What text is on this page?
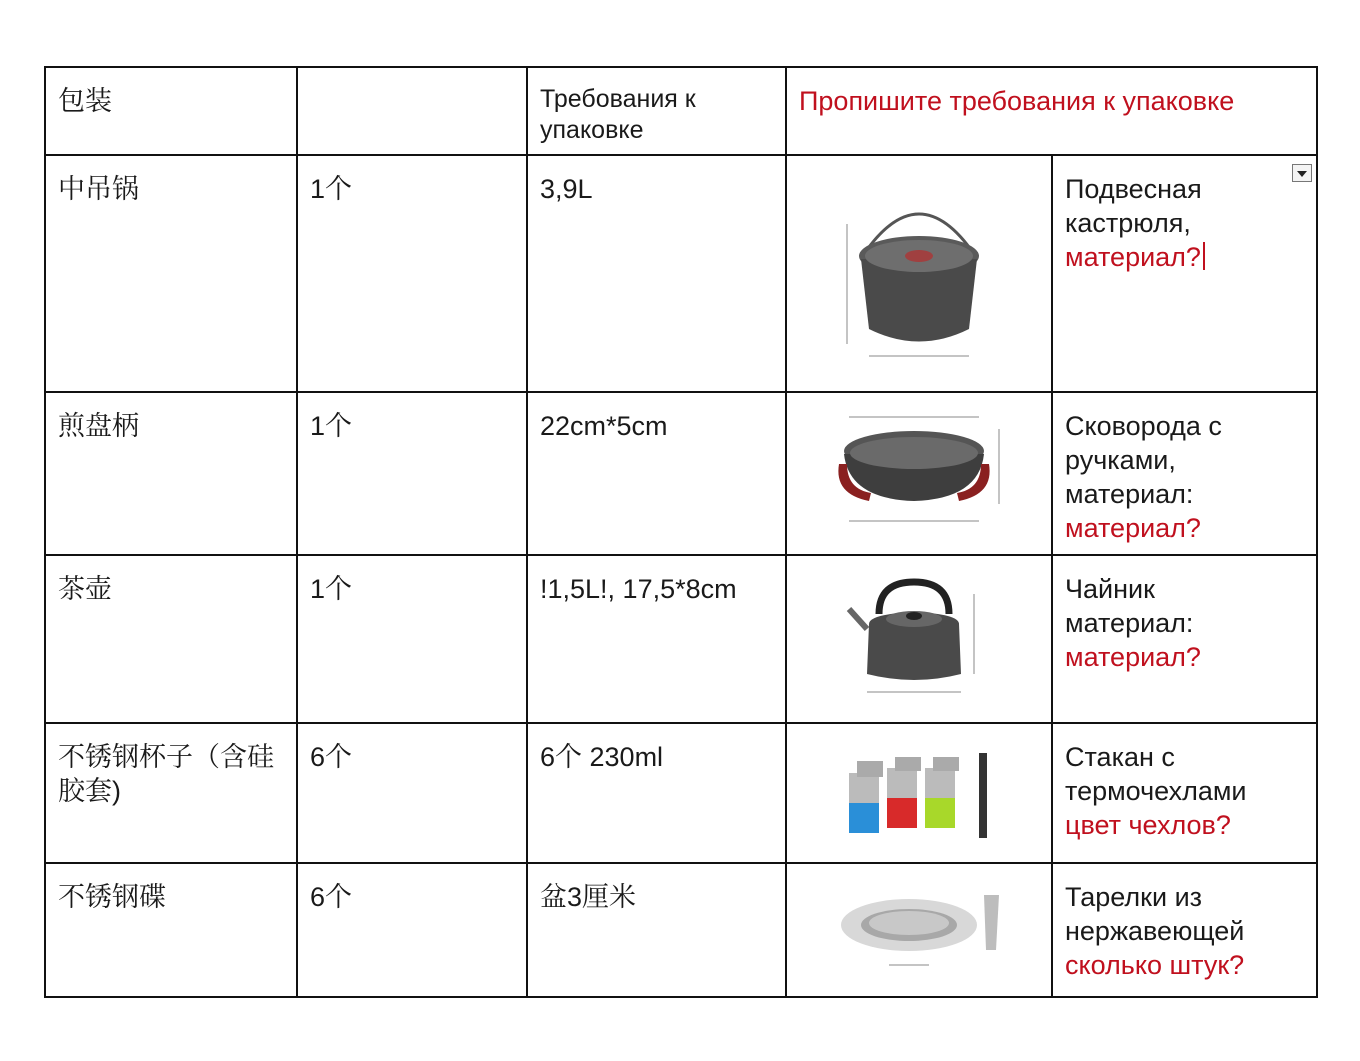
包装		Требования к упаковке	Пропишите требования к упаковке	
中吊锅	1个	3,9L		Подвесная
кастрюля,
материал?

煎盘柄	1个	22cm*5cm		Сковорода с
ручками,
материал:
материал?

茶壶	1个	!1,5L!, 17,5*8cm		Чайник
материал:
материал?

不锈钢杯子（含硅胶套)	6个	6个 230ml		Стакан с
термочехлами
цвет чехлов?

不锈钢碟	6个	盆3厘米		Тарелки из
нержавеющей
сколько штук?
